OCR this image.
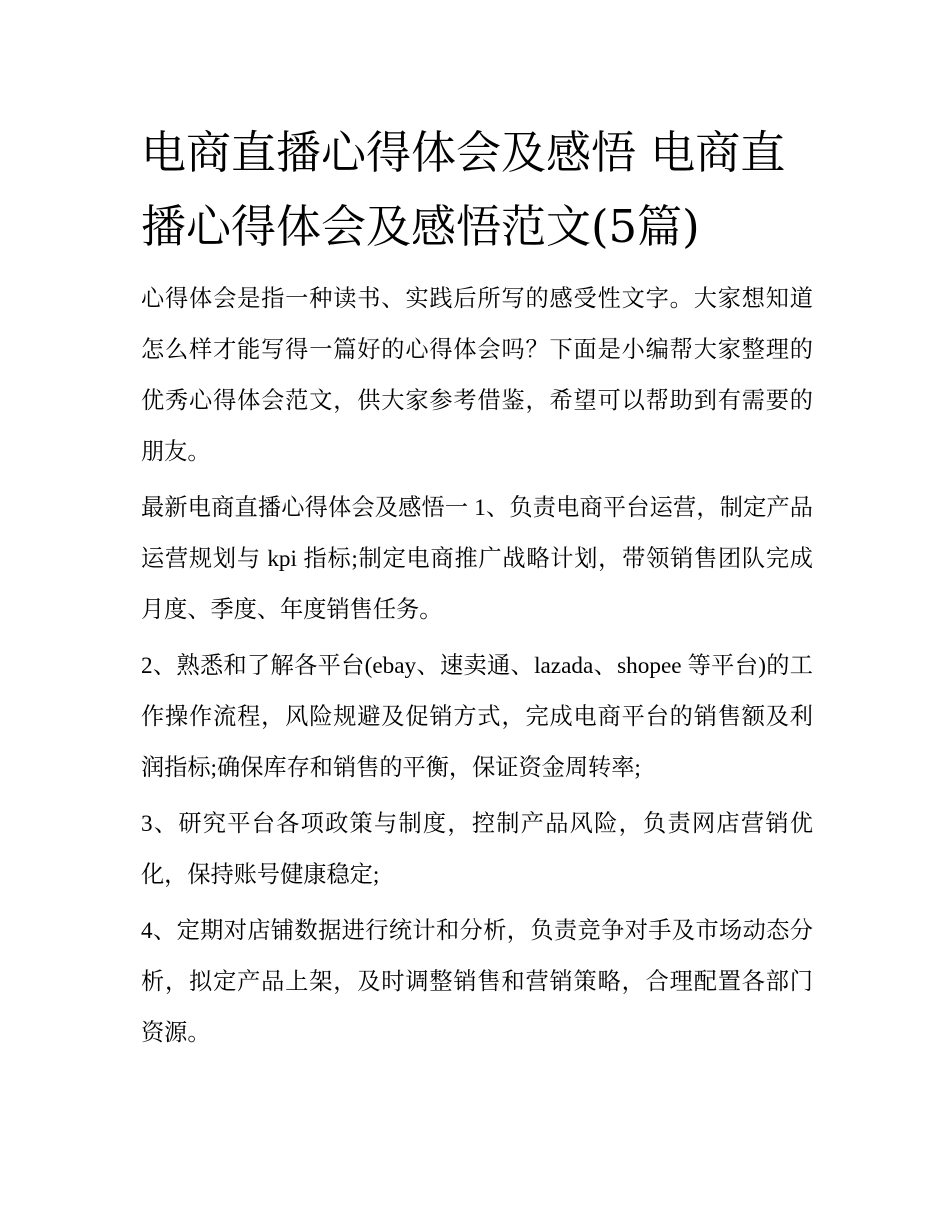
电商直播心得体会及感悟 电商直播心得体会及感悟范文(5篇)

心得体会是指一种读书、实践后所写的感受性文字。大家想知道怎么样才能写得一篇好的心得体会吗？下面是小编帮大家整理的优秀心得体会范文，供大家参考借鉴，希望可以帮助到有需要的朋友。

最新电商直播心得体会及感悟一 1、负责电商平台运营，制定产品运营规划与 kpi 指标;制定电商推广战略计划，带领销售团队完成月度、季度、年度销售任务。

2、熟悉和了解各平台(ebay、速卖通、lazada、shopee 等平台)的工作操作流程，风险规避及促销方式，完成电商平台的销售额及利润指标;确保库存和销售的平衡，保证资金周转率;

3、研究平台各项政策与制度，控制产品风险，负责网店营销优化，保持账号健康稳定;

4、定期对店铺数据进行统计和分析，负责竞争对手及市场动态分析，拟定产品上架，及时调整销售和营销策略，合理配置各部门资源。
